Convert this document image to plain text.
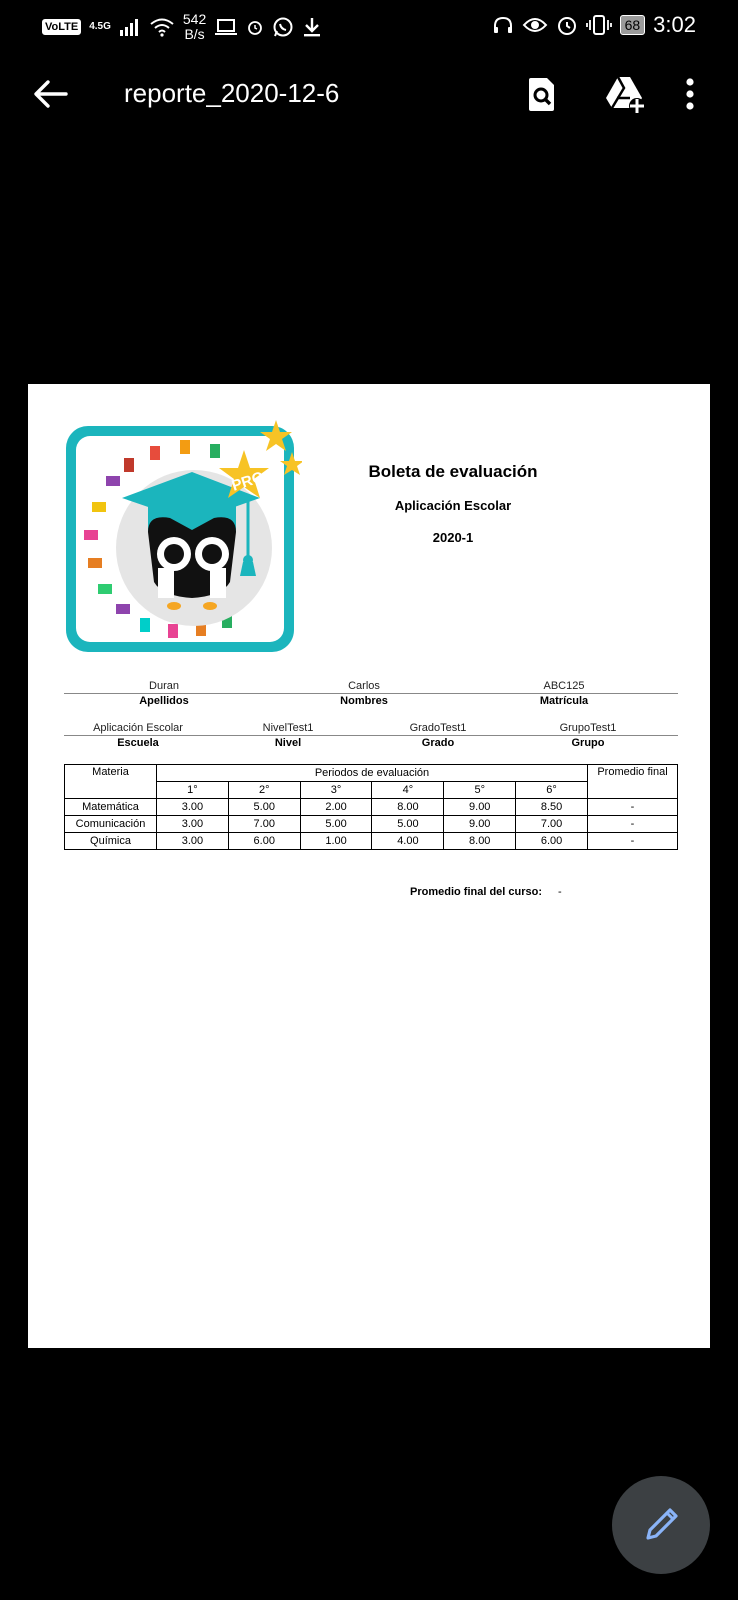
VoLTE	4.5G	542
B/s
68 3:02
reporte_2020-12-6
PRO	Boleta de evaluación
Aplicación Escolar
2020-1
Duran	Carlos	ABC125
Apellidos	Nombres	Matrícula
Aplicación Escolar	NivelTest1	GradoTest1	GrupoTest1
Escuela	Nivel	Grado	Grupo
Materia	Periodos de evaluación						Promedio final
	1°	2°	3°	4°	5°	6°	
Matemática	3.00	5.00	2.00	8.00	9.00	8.50	-
Comunicación	3.00	7.00	5.00	5.00	9.00	7.00	-
Química	3.00	6.00	1.00	4.00	8.00	6.00	-
Promedio final del curso: -
